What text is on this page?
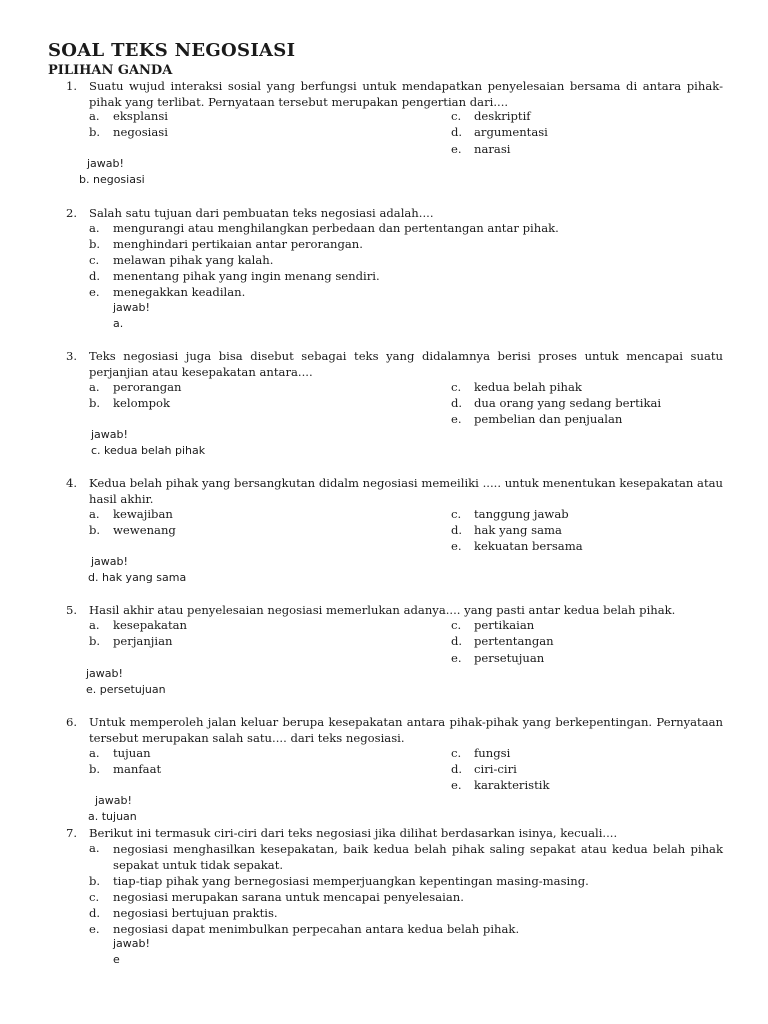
SOAL TEKS NEGOSIASI
PILIHAN GANDA
1.	Suatu wujud interaksi sosial yang berfungsi untuk mendapatkan penyelesaian bersama di antara pihak-pihak yang terlibat. Pernyataan tersebut merupakan pengertian dari....
a. eksplansi
b. negosiasi
c. deskriptif
d. argumentasi
e. narasi
jawab!
b. negosiasi
2.	Salah satu tujuan dari pembuatan teks negosiasi adalah....
a. mengurangi atau menghilangkan perbedaan dan pertentangan antar pihak.
b. menghindari pertikaian antar perorangan.
c. melawan pihak yang kalah.
d. menentang pihak yang ingin menang sendiri.
e. menegakkan keadilan.
jawab!
a.
3.	Teks negosiasi juga bisa disebut sebagai teks yang didalamnya berisi proses untuk mencapai suatu perjanjian atau kesepakatan antara....
a. perorangan
b. kelompok
c. kedua belah pihak
d. dua orang yang sedang bertikai
e. pembelian dan penjualan
jawab!
c. kedua belah pihak
4.	Kedua belah pihak yang bersangkutan didalm negosiasi memeiliki ..... untuk menentukan kesepakatan atau hasil akhir.
a. kewajiban
b. wewenang
c. tanggung jawab
d. hak yang sama
e. kekuatan bersama
jawab!
d. hak yang sama
5.	Hasil akhir atau penyelesaian negosiasi memerlukan adanya.... yang pasti antar kedua belah pihak.
a. kesepakatan
b. perjanjian
c. pertikaian
d. pertentangan
e. persetujuan
jawab!
e. persetujuan
6.	Untuk memperoleh jalan keluar berupa kesepakatan antara pihak-pihak yang berkepentingan. Pernyataan tersebut merupakan salah satu.... dari teks negosiasi.
a. tujuan
b. manfaat
c. fungsi
d. ciri-ciri
e. karakteristik
jawab!
a. tujuan
7.	Berikut ini termasuk ciri-ciri dari teks negosiasi jika dilihat berdasarkan isinya, kecuali....
a. negosiasi menghasilkan kesepakatan, baik kedua belah pihak saling sepakat atau kedua belah pihak sepakat untuk tidak sepakat.
b. tiap-tiap pihak yang bernegosiasi memperjuangkan kepentingan masing-masing.
c. negosiasi merupakan sarana untuk mencapai penyelesaian.
d. negosiasi bertujuan praktis.
e. negosiasi dapat menimbulkan perpecahan antara kedua belah pihak.
jawab!
e
